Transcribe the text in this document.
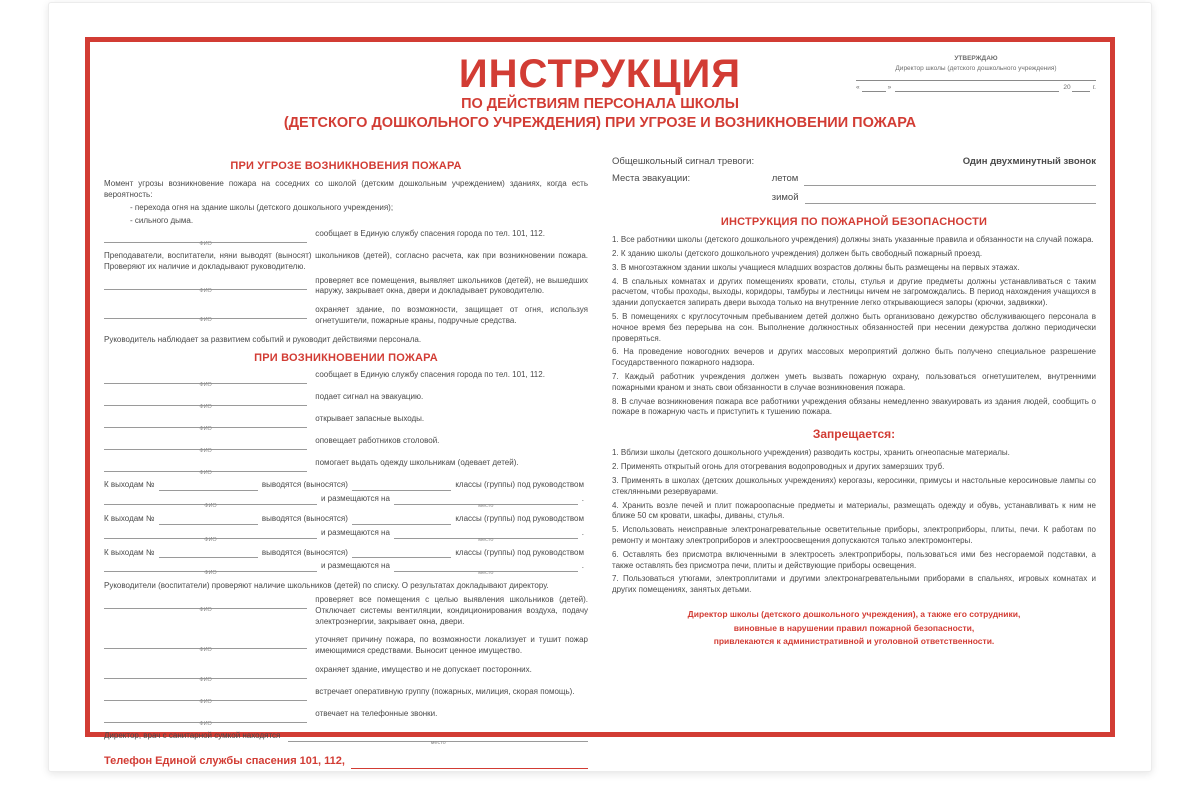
ИНСТРУКЦИЯ
ПО ДЕЙСТВИЯМ ПЕРСОНАЛА ШКОЛЫ
(ДЕТСКОГО ДОШКОЛЬНОГО УЧРЕЖДЕНИЯ) ПРИ УГРОЗЕ И ВОЗНИКНОВЕНИИ ПОЖАРА
УТВЕРЖДАЮ
Директор школы (детского дошкольного учреждения)
«	»	20	г.
ПРИ УГРОЗЕ ВОЗНИКНОВЕНИЯ ПОЖАРА

Момент угрозы возникновение пожара на соседних со школой (детским дошкольным учреждением) зданиях, когда есть вероятность:

- перехода огня на здание школы (детского дошкольного учреждения);
- сильного дыма.
ФИО
сообщает в Единую службу спасения города по тел. 101, 112.

Преподаватели, воспитатели, няни выводят (выносят) школьников (детей), согласно расчета, как при возникновении пожара. Проверяют их наличие и докладывают руководителю.

ФИО
проверяет все помещения, выявляет школьников (детей), не вышедших наружу, закрывает окна, двери и докладывает руководителю.
ФИО
охраняет здание, по возможности, защищает от огня, используя огнетушители, пожарные краны, подручные средства.

Руководитель наблюдает за развитием событий и руководит действиями персонала.

ПРИ ВОЗНИКНОВЕНИИ ПОЖАРА
ФИО
сообщает в Единую службу спасения города по тел. 101, 112.
ФИО
подает сигнал на эвакуацию.
ФИО
открывает запасные выходы.
ФИО
оповещает работников столовой.
ФИО
помогает выдать одежду школьникам (одевает детей).
К выходам №	выводятся (выносятся)	классы (группы) под руководством
ФИО
и размещаются на
место
.
К выходам №	выводятся (выносятся)	классы (группы) под руководством
ФИО
и размещаются на
место
.
К выходам №	выводятся (выносятся)	классы (группы) под руководством
ФИО
и размещаются на
место
.

Руководители (воспитатели) проверяют наличие школьников (детей) по списку. О результатах докладывают директору.

ФИО
проверяет все помещения с целью выявления школьников (детей). Отключает системы вентиляции, кондиционирования воздуха, подачу электроэнергии, закрывает окна, двери.
ФИО
уточняет причину пожара, по возможности локализует и тушит пожар имеющимися средствами. Выносит ценное имущество.
ФИО
охраняет здание, имущество и не допускает посторонних.
ФИО
встречает оперативную группу (пожарных, милиция, скорая помощь).
ФИО
отвечает на телефонные звонки.
Директор, врач с санитарной сумкой находятся
место
Телефон Единой службы спасения 101, 112,
Общешкольный сигнал тревоги:	Один двухминутный звонок
Места эвакуации:	летом
зимой
ИНСТРУКЦИЯ ПО ПОЖАРНОЙ БЕЗОПАСНОСТИ

1. Все работники школы (детского дошкольного учреждения) должны знать указанные правила и обязанности на случай пожара.

2. К зданию школы (детского дошкольного учреждения) должен быть свободный пожарный проезд.

3. В многоэтажном здании школы учащиеся младших возрастов должны быть размещены на первых этажах.

4. В спальных комнатах и других помещениях кровати, столы, стулья и другие предметы должны устанавливаться с таким расчетом, чтобы проходы, выходы, коридоры, тамбуры и лестницы ничем не загромождались. В период нахождения учащихся в здании допускается запирать двери выхода только на внутренние легко открывающиеся запоры (крючки, задвижки).

5. В помещениях с круглосуточным пребыванием детей должно быть организовано дежурство обслуживающего персонала в ночное время без перерыва на сон. Выполнение должностных обязанностей при несении дежурства должно периодически проверяться.

6. На проведение новогодних вечеров и других массовых мероприятий должно быть получено специальное разрешение Государственного пожарного надзора.

7. Каждый работник учреждения должен уметь вызвать пожарную охрану, пользоваться огнетушителем, внутренними пожарными краном и знать свои обязанности в случае возникновения пожара.

8. В случае возникновения пожара все работники учреждения обязаны немедленно эвакуировать из здания людей, сообщить о пожаре в пожарную часть и приступить к тушению пожара.

Запрещается:

1. Вблизи школы (детского дошкольного учреждения) разводить костры, хранить огнеопасные материалы.

2. Применять открытый огонь для отогревания водопроводных и других замерзших труб.

3. Применять в школах (детских дошкольных учреждениях) керогазы, керосинки, примусы и настольные керосиновые лампы со стеклянными резервуарами.

4. Хранить возле печей и плит пожароопасные предметы и материалы, размещать одежду и обувь, устанавливать к ним не ближе 50 см кровати, шкафы, диваны, стулья.

5. Использовать неисправные электронагревательные осветительные приборы, электроприборы, плиты, печи. К работам по ремонту и монтажу электроприборов и электроосвещения допускаются только электромонтеры.

6. Оставлять без присмотра включенными в электросеть электроприборы, пользоваться ими без несгораемой подставки, а также оставлять без присмотра печи, плиты и действующие приборы освещения.

7. Пользоваться утюгами, электроплитами и другими электронагревательными приборами в спальнях, игровых комнатах и других помещениях, занятых детьми.

Директор школы (детского дошкольного учреждения), а также его сотрудники,
виновные в нарушении правил пожарной безопасности,
привлекаются к административной и уголовной ответственности.
